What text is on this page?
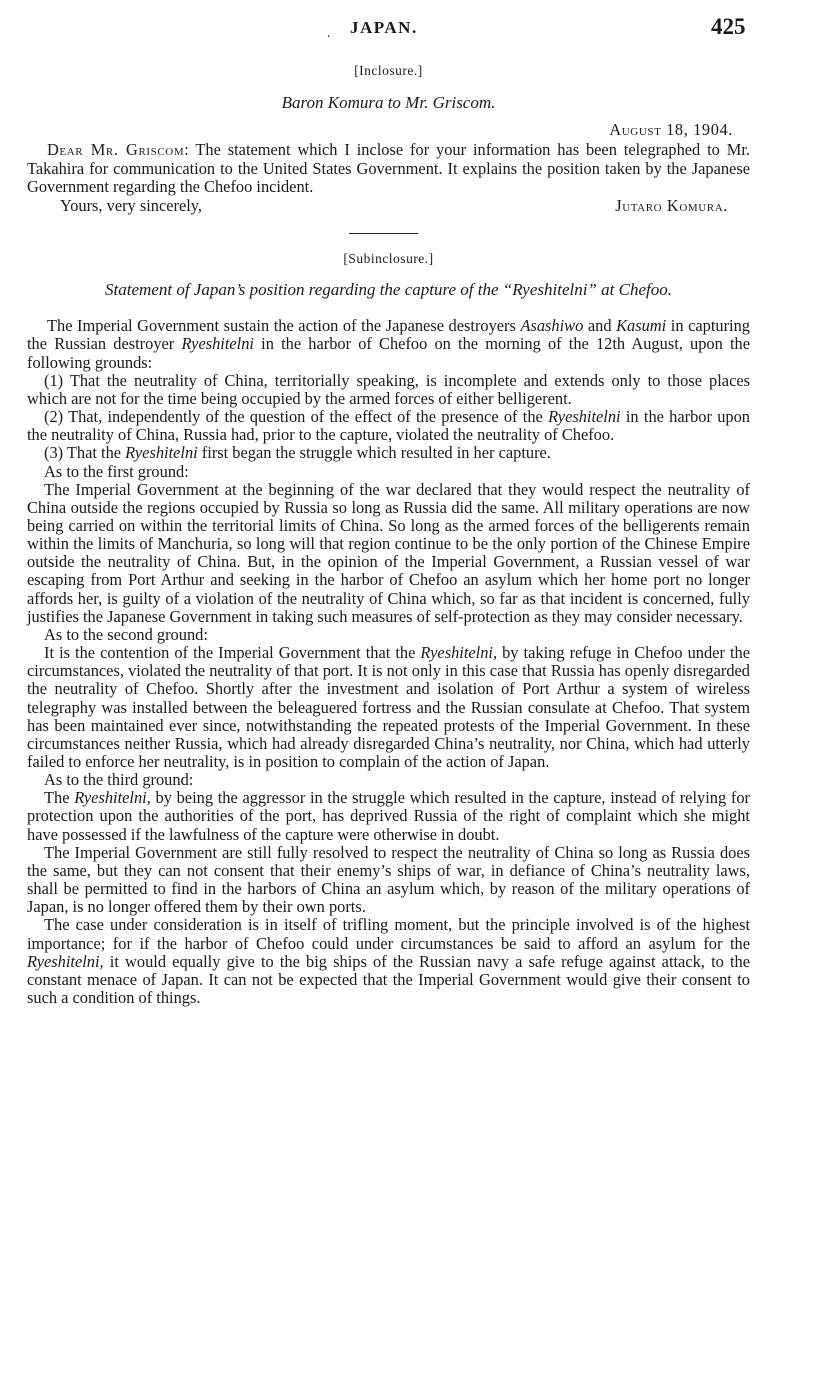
. JAPAN.	425
[Inclosure.]
Baron Komura to Mr. Griscom.
August 18, 1904.

Dear Mr. Griscom: The statement which I inclose for your information has been telegraphed to Mr. Takahira for communication to the United States Government. It explains the position taken by the Japanese Government regarding the Chefoo incident.

Yours, very sincerely,	Jutaro Komura.
[Subinclosure.]
Statement of Japan’s position regarding the capture of the “Ryeshitelni” at Chefoo.

The Imperial Government sustain the action of the Japanese destroyers Asashiwo and Kasumi in capturing the Russian destroyer Ryeshitelni in the harbor of Chefoo on the morning of the 12th August, upon the following grounds:

(1) That the neutrality of China, territorially speaking, is incomplete and extends only to those places which are not for the time being occupied by the armed forces of either belligerent.

(2) That, independently of the question of the effect of the presence of the Ryeshitelni in the harbor upon the neutrality of China, Russia had, prior to the capture, violated the neutrality of Chefoo.

(3) That the Ryeshitelni first began the struggle which resulted in her capture.

As to the first ground:

The Imperial Government at the beginning of the war declared that they would respect the neutrality of China outside the regions occupied by Russia so long as Russia did the same. All military operations are now being carried on within the territorial limits of China. So long as the armed forces of the belligerents remain within the limits of Manchuria, so long will that region continue to be the only portion of the Chinese Empire outside the neutrality of China. But, in the opinion of the Imperial Government, a Russian vessel of war escaping from Port Arthur and seeking in the harbor of Chefoo an asylum which her home port no longer affords her, is guilty of a violation of the neutrality of China which, so far as that incident is concerned, fully justifies the Japanese Government in taking such measures of self-protection as they may consider necessary.

As to the second ground:

It is the contention of the Imperial Government that the Ryeshitelni, by taking refuge in Chefoo under the circumstances, violated the neutrality of that port. It is not only in this case that Russia has openly disregarded the neutrality of Chefoo. Shortly after the investment and isolation of Port Arthur a system of wireless telegraphy was installed between the beleaguered fortress and the Russian consulate at Chefoo. That system has been maintained ever since, notwithstanding the repeated protests of the Imperial Government. In these circumstances neither Russia, which had already disregarded China’s neutrality, nor China, which had utterly failed to enforce her neutrality, is in position to complain of the action of Japan.

As to the third ground:

The Ryeshitelni, by being the aggressor in the struggle which resulted in the capture, instead of relying for protection upon the authorities of the port, has deprived Russia of the right of complaint which she might have possessed if the lawfulness of the capture were otherwise in doubt.

The Imperial Government are still fully resolved to respect the neutrality of China so long as Russia does the same, but they can not consent that their enemy’s ships of war, in defiance of China’s neutrality laws, shall be permitted to find in the harbors of China an asylum which, by reason of the military operations of Japan, is no longer offered them by their own ports.

The case under consideration is in itself of trifling moment, but the principle involved is of the highest importance; for if the harbor of Chefoo could under circumstances be said to afford an asylum for the Ryeshitelni, it would equally give to the big ships of the Russian navy a safe refuge against attack, to the constant menace of Japan. It can not be expected that the Imperial Government would give their consent to such a condition of things.
